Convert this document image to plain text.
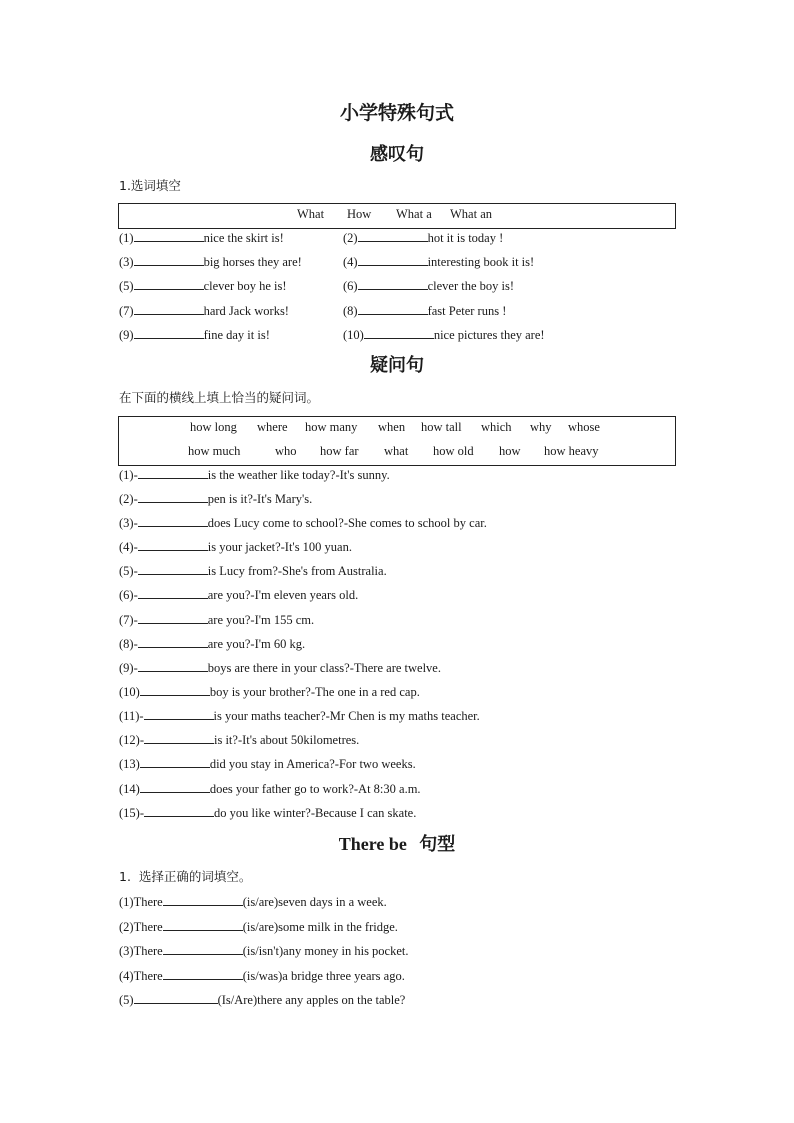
小学特殊句式
感叹句
1.选词填空
What How What a What an
(1)	nice the skirt is!	(2)	hot it is today !
(3)	big horses they are!	(4)	interesting book it is!
(5)	clever boy he is!	(6)	clever the boy is!
(7)	hard Jack works!	(8)	fast Peter runs !
(9)	fine day it is!	(10)	nice pictures they are!
疑问句
在下面的横线上填上恰当的疑问词。
how long where how many when how tall which why whose
how much	who how far what how old how how heavy
(1)-	is the weather like today?-It's sunny.
(2)-	pen is it?-It's Mary's.
(3)-	does Lucy come to school?-She comes to school by car.
(4)-	is your jacket?-It's 100 yuan.
(5)-	is Lucy from?-She's from Australia.
(6)-	are you?-I'm eleven years old.
(7)-	are you?-I'm 155 cm.
(8)-	are you?-I'm 60 kg.
(9)-	boys are there in your class?-There are twelve.
(10)	boy is your brother?-The one in a red cap.
(11)-	is your maths teacher?-Mr Chen is my maths teacher.
(12)-	is it?-It's about 50kilometres.
(13)	did you stay in America?-For two weeks.
(14)	does your father go to work?-At 8:30 a.m.
(15)-	do you like winter?-Because I can skate.
There be 句型
1.  选择正确的词填空。
(1)There	(is/are)seven days in a week.
(2)There	(is/are)some milk in the fridge.
(3)There	(is/isn't)any money in his pocket.
(4)There	(is/was)a bridge three years ago.
(5)	(Is/Are)there any apples on the table?
